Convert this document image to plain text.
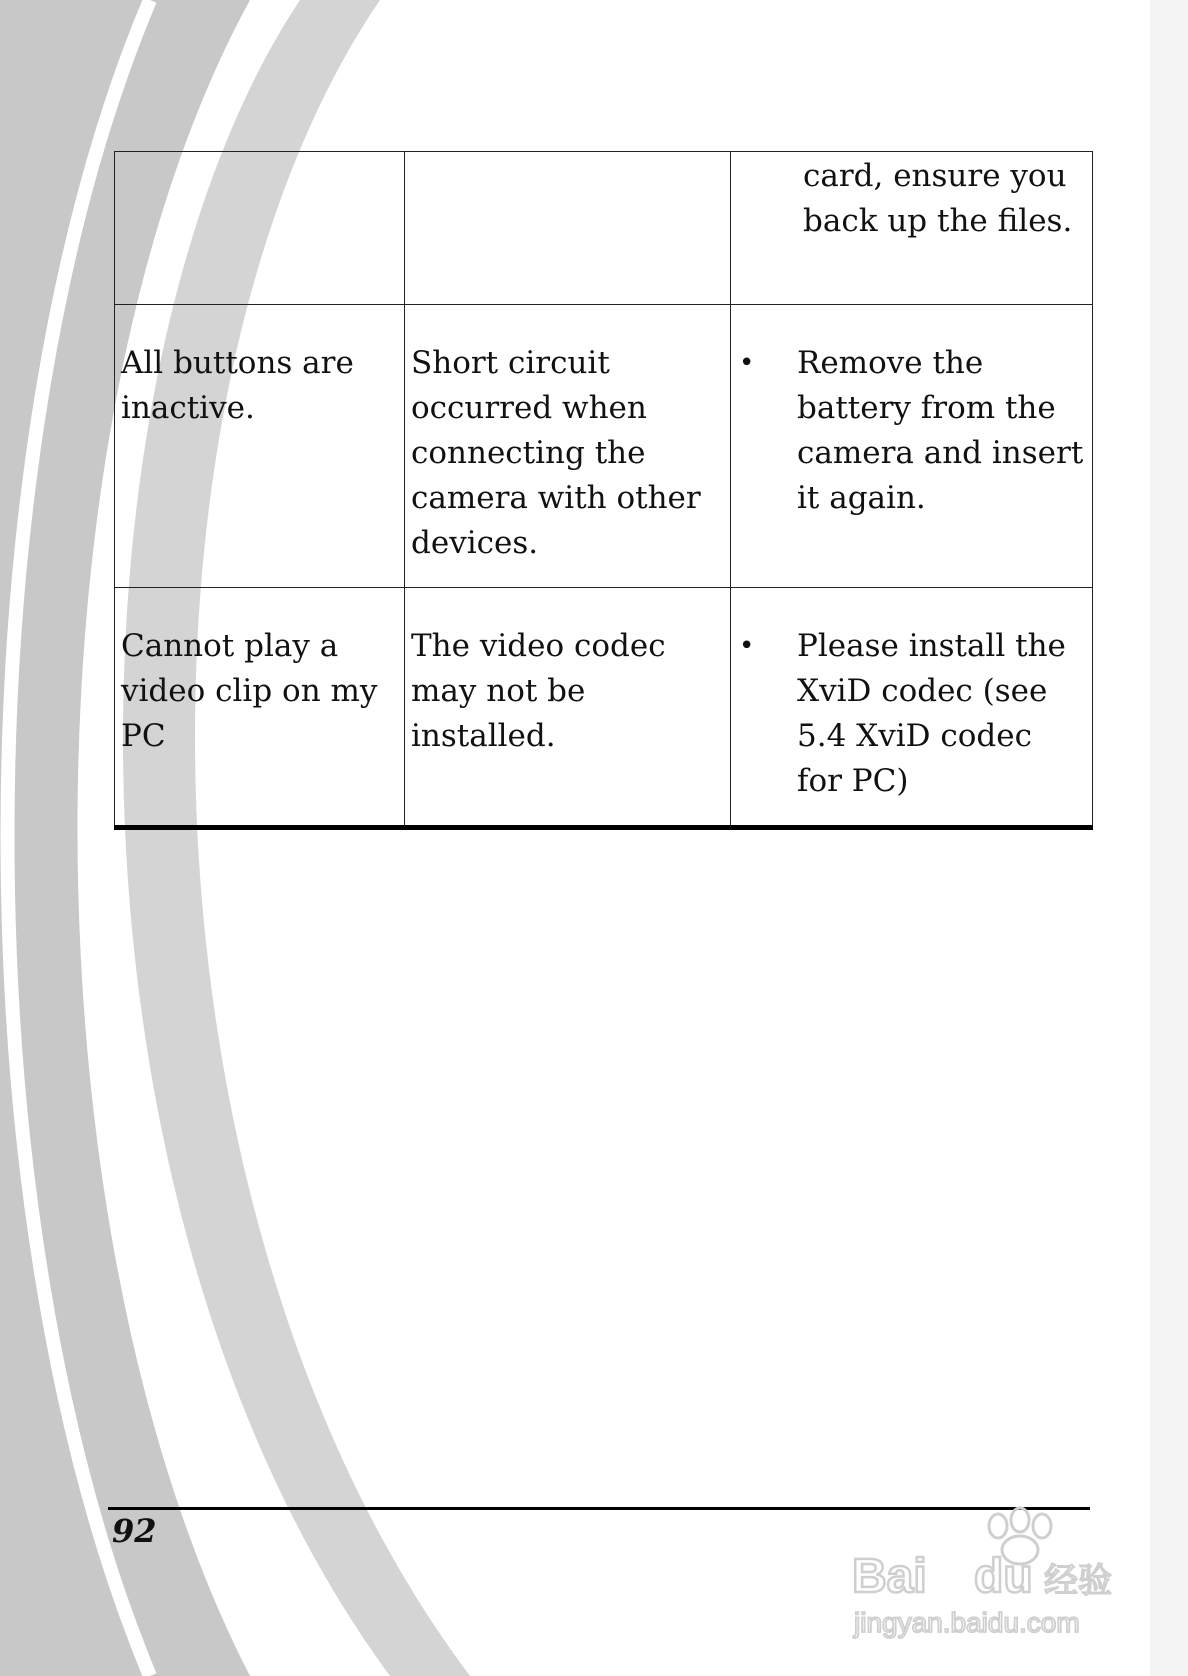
		card, ensure you back up the files.

All buttons are inactive.	Short circuit occurred when connecting the camera with other devices.	• Remove the battery from the camera and insert it again.

Cannot play a video clip on my PC	The video codec may not be installed.	• Please install the XviD codec (see 5.4 XviD codec for PC)
92
Bai du 经验
jingyan.baidu.com
